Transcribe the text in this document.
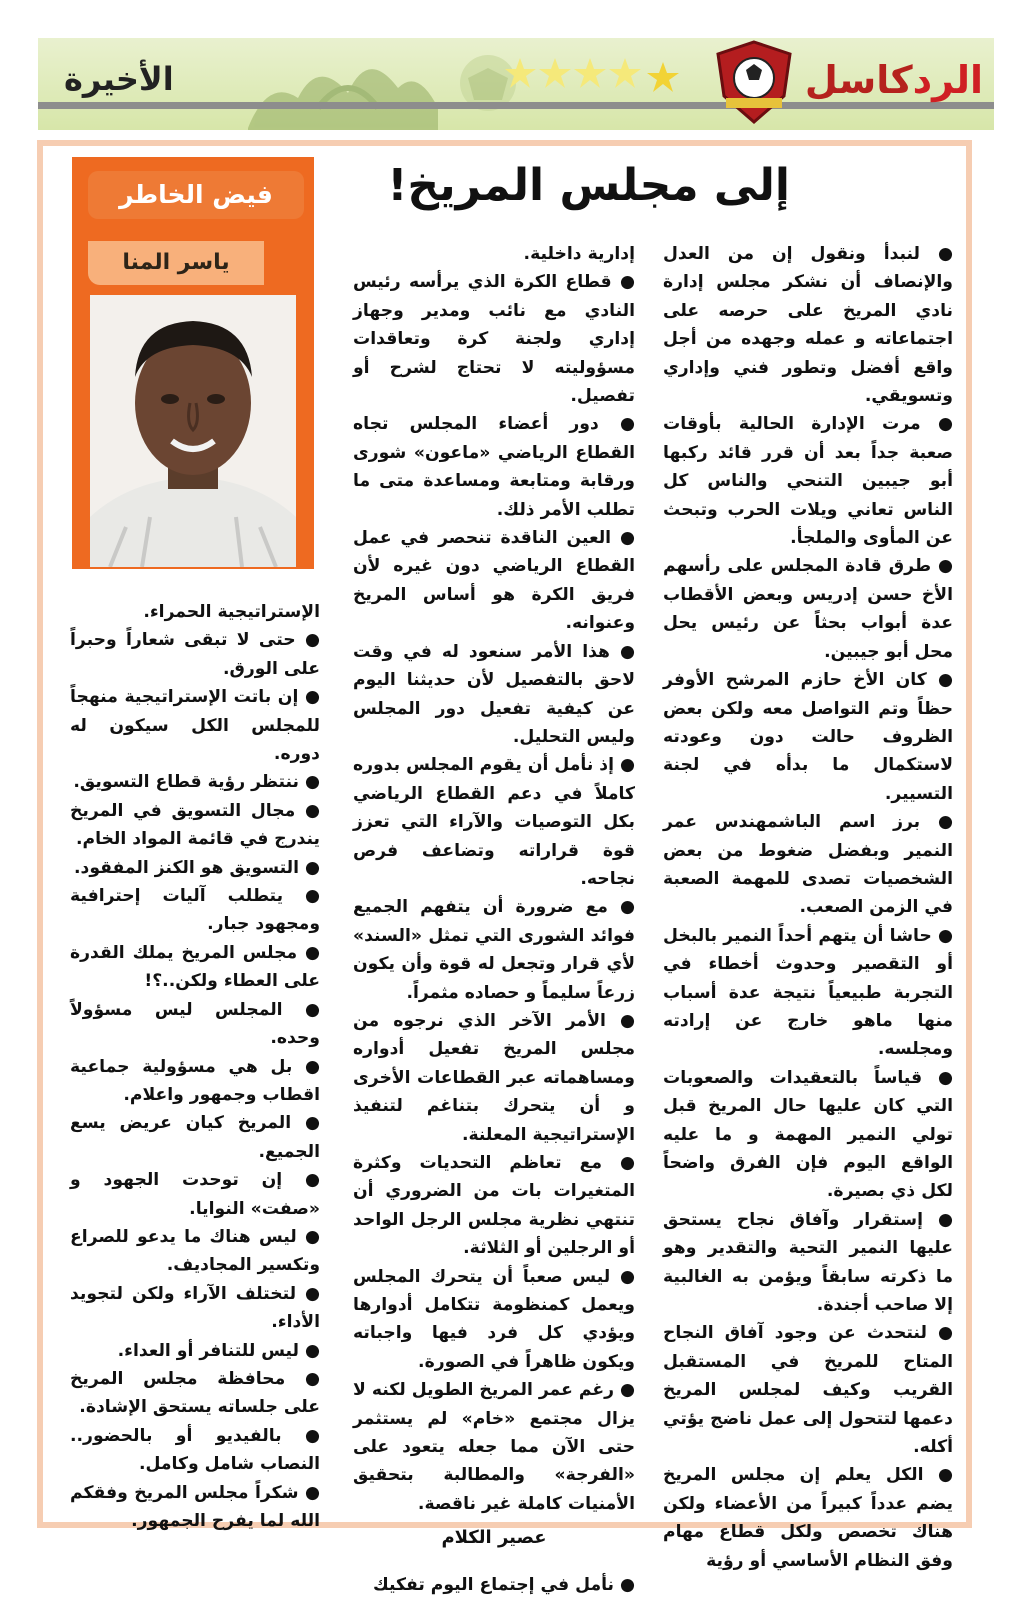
الأخيرة	الردكاسل
إلى مجلس المريخ!
فيض الخاطر
ياسر المنا	● لنبدأ ونقول إن من العدل والإنصاف أن نشكر مجلس إدارة نادي المريخ على حرصه على اجتماعاته و عمله وجهده من أجل واقع أفضل وتطور فني وإداري وتسويقي.

● مرت الإدارة الحالية بأوقات صعبة جداً بعد أن قرر قائد ركبها أبو جيبين التنحي والناس كل الناس تعاني ويلات الحرب وتبحث عن المأوى والملجأ.

● طرق قادة المجلس على رأسهم الأخ حسن إدريس وبعض الأقطاب عدة أبواب بحثاً عن رئيس يحل محل أبو جيبين.

● كان الأخ حازم المرشح الأوفر حظاً وتم التواصل معه ولكن بعض الظروف حالت دون وعودته لاستكمال ما بدأه في لجنة التسيير.

● برز اسم الباشمهندس عمر النمير وبفضل ضغوط من بعض الشخصيات تصدى للمهمة الصعبة في الزمن الصعب.

● حاشا أن يتهم أحداً النمير بالبخل أو التقصير وحدوث أخطاء في التجربة طبيعياً نتيجة عدة أسباب منها ماهو خارج عن إرادته ومجلسه.

● قياساً بالتعقيدات والصعوبات التي كان عليها حال المريخ قبل تولي النمير المهمة و ما عليه الواقع اليوم فإن الفرق واضحاً لكل ذي بصيرة.

● إستقرار وآفاق نجاح يستحق عليها النمير التحية والتقدير وهو ما ذكرته سابقاً ويؤمن به الغالبية إلا صاحب أجندة.

● لنتحدث عن وجود آفاق النجاح المتاح للمريخ في المستقبل القريب وكيف لمجلس المريخ دعمها لتتحول إلى عمل ناضج يؤتي أكله.

● الكل يعلم إن مجلس المريخ يضم عدداً كبيراً من الأعضاء ولكن هناك تخصص ولكل قطاع مهام وفق النظام الأساسي أو رؤية

إدارية داخلية.

● قطاع الكرة الذي يرأسه رئيس النادي مع نائب ومدير وجهاز إداري ولجنة كرة وتعاقدات مسؤوليته لا تحتاج لشرح أو تفصيل.

● دور أعضاء المجلس تجاه القطاع الرياضي «ماعون» شورى ورقابة ومتابعة ومساعدة متى ما تطلب الأمر ذلك.

● العين الناقدة تنحصر في عمل القطاع الرياضي دون غيره لأن فريق الكرة هو أساس المريخ وعنوانه.

● هذا الأمر سنعود له في وقت لاحق بالتفصيل لأن حديثنا اليوم عن كيفية تفعيل دور المجلس وليس التحليل.

● إذ نأمل أن يقوم المجلس بدوره كاملاً في دعم القطاع الرياضي بكل التوصيات والآراء التي تعزز قوة قراراته وتضاعف فرص نجاحه.

● مع ضرورة أن يتفهم الجميع فوائد الشورى التي تمثل «السند» لأي قرار وتجعل له قوة وأن يكون زرعاً سليماً و حصاده مثمراً.

● الأمر الآخر الذي نرجوه من مجلس المريخ تفعيل أدواره ومساهماته عبر القطاعات الأخرى و أن يتحرك بتناغم لتنفيذ الإستراتيجية المعلنة.

● مع تعاظم التحديات وكثرة المتغيرات بات من الضروري أن تنتهي نظرية مجلس الرجل الواحد أو الرجلين أو الثلاثة.

● ليس صعباً أن يتحرك المجلس ويعمل كمنظومة تتكامل أدوارها ويؤدي كل فرد فيها واجباته ويكون ظاهراً في الصورة.

● رغم عمر المريخ الطويل لكنه لا يزال مجتمع «خام» لم يستثمر حتى الآن مما جعله يتعود على «الفرجة» والمطالبة بتحقيق الأمنيات كاملة غير ناقصة.

عصير الكلام

● نأمل في إجتماع اليوم تفكيك

الإستراتيجية الحمراء.

● حتى لا تبقى شعاراً وحبراً على الورق.

● إن باتت الإستراتيجية منهجاً للمجلس الكل سيكون له دوره.

● ننتظر رؤية قطاع التسويق.

● مجال التسويق في المريخ يندرج في قائمة المواد الخام.

● التسويق هو الكنز المفقود.

● يتطلب آليات إحترافية ومجهود جبار.

● مجلس المريخ يملك القدرة على العطاء ولكن..؟!

● المجلس ليس مسؤولاً وحده.

● بل هي مسؤولية جماعية اقطاب وجمهور واعلام.

● المريخ كيان عريض يسع الجميع.

● إن توحدت الجهود و «صفت» النوايا.

● ليس هناك ما يدعو للصراع وتكسير المجاديف.

● لتختلف الآراء ولكن لتجويد الأداء.

● ليس للتنافر أو العداء.

● محافظة مجلس المريخ على جلساته يستحق الإشادة.

● بالفيديو أو بالحضور.. النصاب شامل وكامل.

● شكراً مجلس المريخ وفقكم الله لما يفرح الجمهور.
